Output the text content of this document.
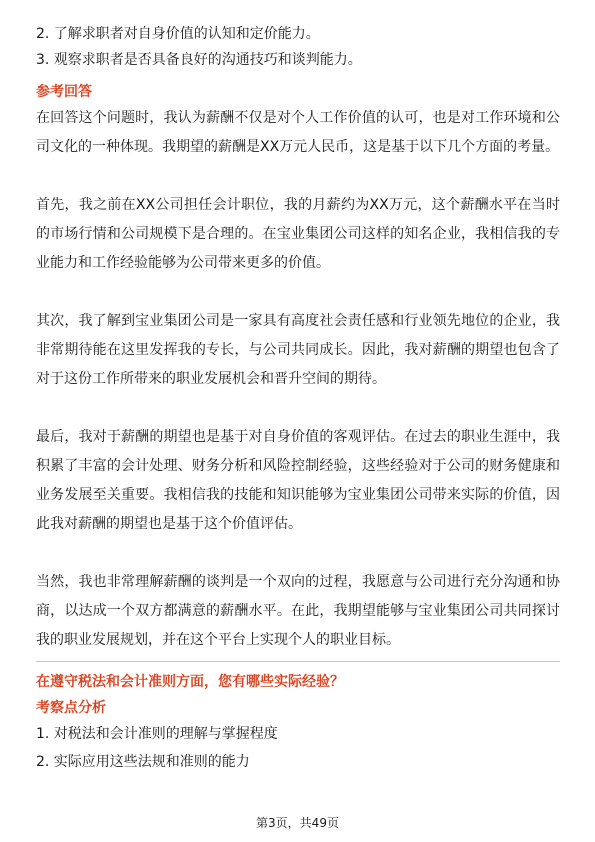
2. 了解求职者对自身价值的认知和定价能力。

3. 观察求职者是否具备良好的沟通技巧和谈判能力。

参考回答

在回答这个问题时，我认为薪酬不仅是对个人工作价值的认可，也是对工作环境和公司文化的一种体现。我期望的薪酬是XX万元人民币，这是基于以下几个方面的考量。

首先，我之前在XX公司担任会计职位，我的月薪约为XX万元，这个薪酬水平在当时的市场行情和公司规模下是合理的。在宝业集团公司这样的知名企业，我相信我的专业能力和工作经验能够为公司带来更多的价值。

其次，我了解到宝业集团公司是一家具有高度社会责任感和行业领先地位的企业，我非常期待能在这里发挥我的专长，与公司共同成长。因此，我对薪酬的期望也包含了对于这份工作所带来的职业发展机会和晋升空间的期待。

最后，我对于薪酬的期望也是基于对自身价值的客观评估。在过去的职业生涯中，我积累了丰富的会计处理、财务分析和风险控制经验，这些经验对于公司的财务健康和业务发展至关重要。我相信我的技能和知识能够为宝业集团公司带来实际的价值，因此我对薪酬的期望也是基于这个价值评估。

当然，我也非常理解薪酬的谈判是一个双向的过程，我愿意与公司进行充分沟通和协商，以达成一个双方都满意的薪酬水平。在此，我期望能够与宝业集团公司共同探讨我的职业发展规划，并在这个平台上实现个人的职业目标。

在遵守税法和会计准则方面，您有哪些实际经验？

考察点分析

1. 对税法和会计准则的理解与掌握程度

2. 实际应用这些法规和准则的能力

第3页，共49页
